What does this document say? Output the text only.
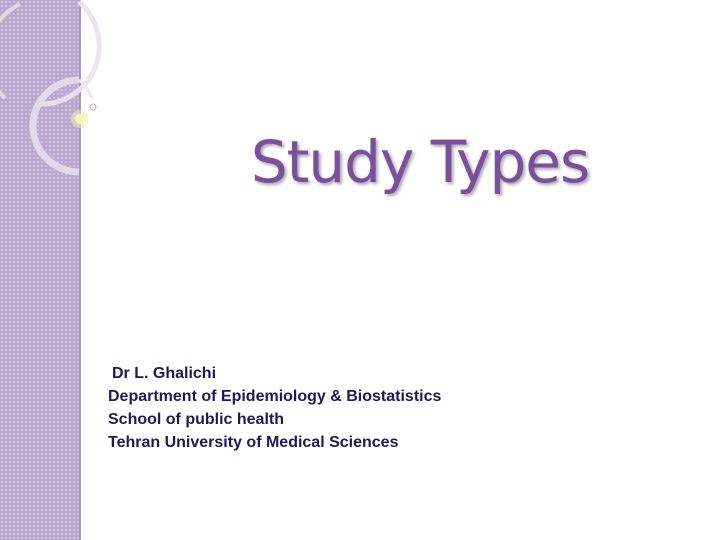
Study Types
Dr L. Ghalichi
Department of Epidemiology & Biostatistics
School of public health
Tehran University of Medical Sciences
